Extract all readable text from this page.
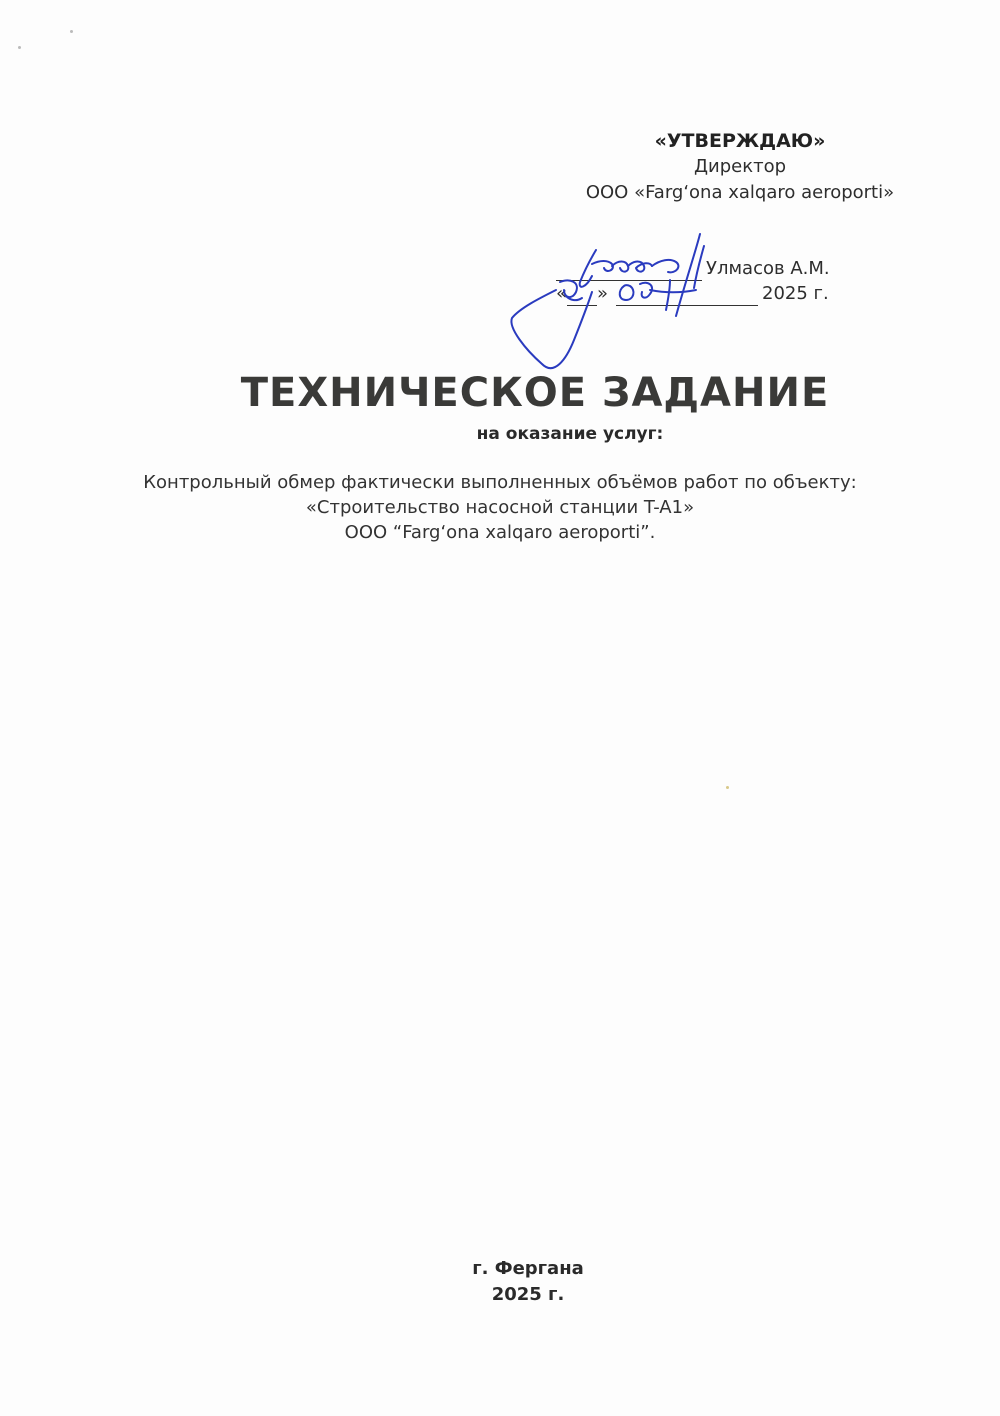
«УТВЕРЖДАЮ»
Директор
ООО «Farg‘ona xalqaro aeroporti»
Улмасов А.М.
« »	2025 г.
ТЕХНИЧЕСКОЕ ЗАДАНИЕ
на оказание услуг:
Контрольный обмер фактически выполненных объёмов работ по объекту:
«Строительство насосной станции T-A1»
ООО “Farg‘ona xalqaro aeroporti”.
г. Фергана
2025 г.
